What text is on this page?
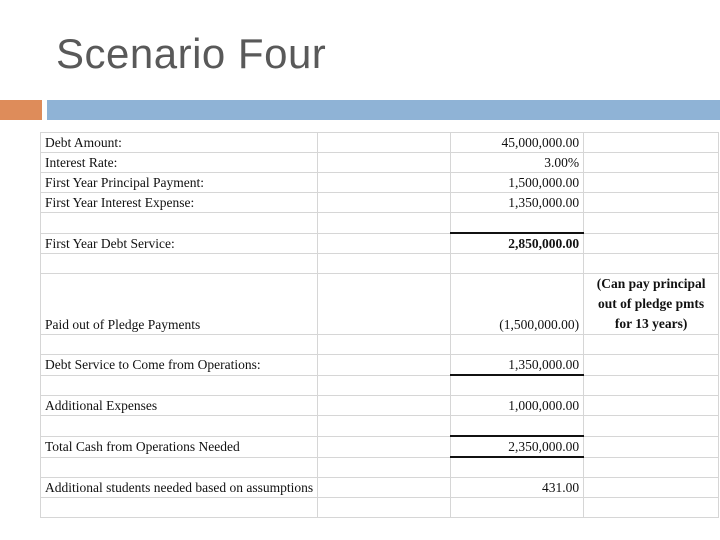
Scenario Four
Debt Amount:		45,000,000.00	
Interest Rate:		3.00%	
First Year Principal Payment:		1,500,000.00	
First Year Interest Expense:		1,350,000.00	

First Year Debt Service:		2,850,000.00	

Paid out of Pledge Payments		(1,500,000.00)	(Can pay principal out of pledge pmts for 13 years)

Debt Service to Come from Operations:		1,350,000.00	

Additional Expenses		1,000,000.00	

Total Cash from Operations Needed		2,350,000.00	

Additional students needed based on assumptions		431.00	
